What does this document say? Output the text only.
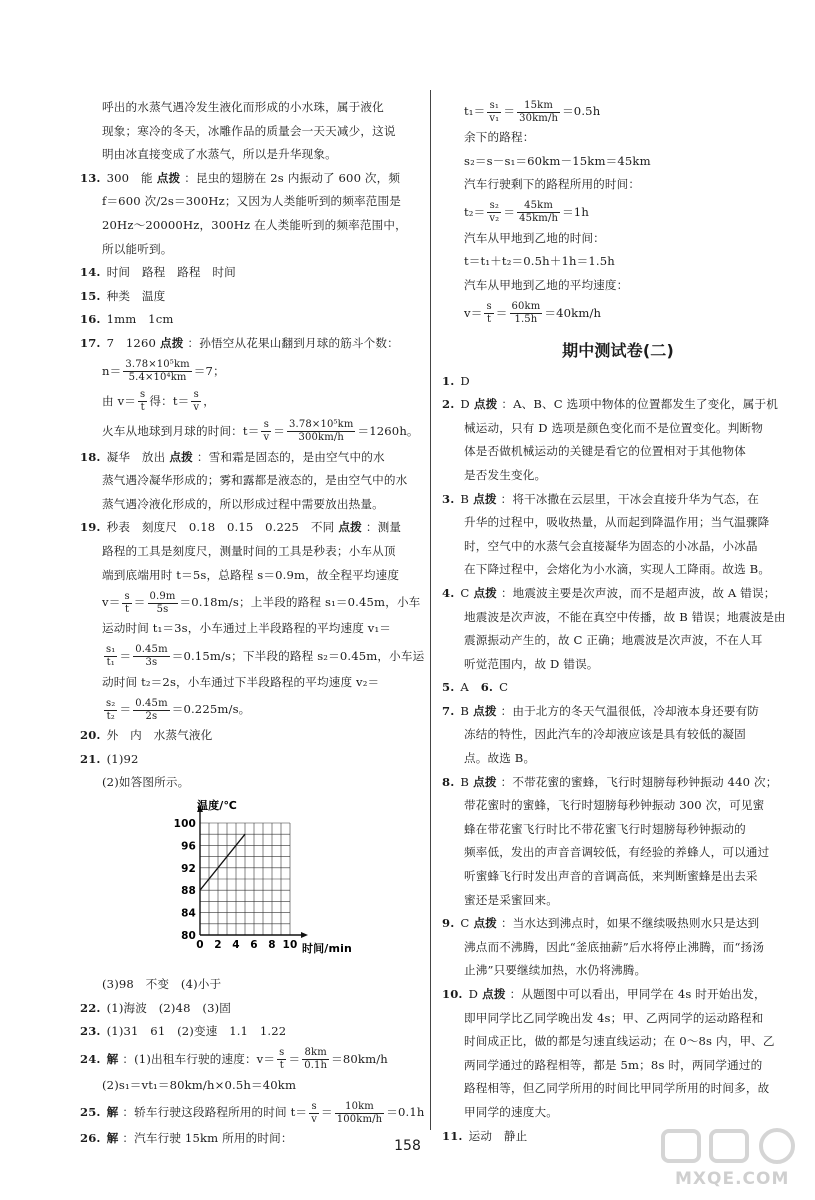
呼出的水蒸气遇冷发生液化而形成的小水珠，属于液化
现象；寒冷的冬天，冰雕作品的质量会一天天减少，这说
明由冰直接变成了水蒸气，所以是升华现象。
13. 300　能 点拨 ：昆虫的翅膀在 2s 内振动了 600 次，频
f＝600 次/2s＝300Hz；又因为人类能听到的频率范围是
20Hz～20000Hz，300Hz 在人类能听到的频率范围中，
所以能听到。
14. 时间　路程　路程　时间
15. 种类　温度
16. 1mm　1cm
17. 7　1260 点拨 ：孙悟空从花果山翻到月球的筋斗个数：
$n= \frac{\text{3.78×10⁵km}}{\text{5.4×10⁴km}} =7$；
由 $v= \frac{s}{t}$ 得：$t= \frac{s}{v}$ ，
火车从地球到月球的时间：$t= \frac{s}{v} = \frac{\text{3.78×10⁵km}}{300km/h} =1260h$。
18. 凝华　放出 点拨 ：雪和霜是固态的，是由空气中的水
蒸气遇冷凝华形成的；雾和露都是液态的，是由空气中的水
蒸气遇冷液化形成的，所以形成过程中需要放出热量。
19. 秒表　刻度尺　0.18　0.15　0.225　不同 点拨 ：测量
路程的工具是刻度尺，测量时间的工具是秒表；小车从顶
端到底端用时 t＝5s，总路程 s＝0.9m，故全程平均速度
$v= \frac{s}{t} = \frac{0.9m}{5s} =0.18m/s$；上半段的路程 s₁＝0.45m，小车
运动时间 t₁＝3s，小车通过上半段路程的平均速度 v₁＝
$\frac{\text{s₁}}{\text{t₁}} = \frac{0.45m}{3s} =0.15m/s$；下半段的路程 s₂＝0.45m，小车运
动时间 t₂＝2s，小车通过下半段路程的平均速度 v₂＝
$\frac{\text{s₂}}{\text{t₂}} = \frac{0.45m}{2s} =0.225m/s$。
20. 外　内　水蒸气液化
21. (1)92
(2)如答图所示。
0 2 4 6 8 10
80
84
88
92
96
100
温度/℃
时间/min
(3)98　不变　(4)小于
22. (1)海波　(2)48　(3)固
23. (1)31　61　(2)变速　1.1　1.22
24. 解 ：(1)出租车行驶的速度：$v= \frac{s}{t} = \frac{8km}{0.1h} =80km/h$
(2)s₁＝vt₁＝80km/h×0.5h＝40km
25. 解 ：轿车行驶这段路程所用的时间 $t= \frac{s}{v} = \frac{10km}{100km/h} =0.1h$
26. 解 ：汽车行驶 15km 所用的时间：
$t_1= \frac{\text{s₁}}{\text{v₁}} = \frac{15km}{30km/h} =0.5h$
余下的路程：
s₂＝s－s₁＝60km－15km＝45km
汽车行驶剩下的路程所用的时间：
$t_2= \frac{\text{s₂}}{\text{v₂}} = \frac{45km}{45km/h} =1h$
汽车从甲地到乙地的时间：
t＝t₁＋t₂＝0.5h＋1h＝1.5h
汽车从甲地到乙地的平均速度：
$v= \frac{s}{t} = \frac{60km}{1.5h} =40km/h$
期中测试卷(二)
1. D
2. D 点拨 ：A、B、C 选项中物体的位置都发生了变化，属于机
械运动，只有 D 选项是颜色变化而不是位置变化。判断物
体是否做机械运动的关键是看它的位置相对于其他物体
是否发生变化。
3. B 点拨 ：将干冰撒在云层里，干冰会直接升华为气态，在
升华的过程中，吸收热量，从而起到降温作用；当气温骤降
时，空气中的水蒸气会直接凝华为固态的小冰晶，小冰晶
在下降过程中，会熔化为小水滴，实现人工降雨。故选 B。
4. C 点拨 ：地震波主要是次声波，而不是超声波，故 A 错误；
地震波是次声波，不能在真空中传播，故 B 错误；地震波是由
震源振动产生的，故 C 正确；地震波是次声波，不在人耳
听觉范围内，故 D 错误。
5. A　 6. C
7. B 点拨 ：由于北方的冬天气温很低，冷却液本身还要有防
冻结的特性，因此汽车的冷却液应该是具有较低的凝固
点。故选 B。
8. B 点拨 ：不带花蜜的蜜蜂，飞行时翅膀每秒钟振动 440 次；
带花蜜时的蜜蜂，飞行时翅膀每秒钟振动 300 次，可见蜜
蜂在带花蜜飞行时比不带花蜜飞行时翅膀每秒钟振动的
频率低，发出的声音音调较低，有经验的养蜂人，可以通过
听蜜蜂飞行时发出声音的音调高低，来判断蜜蜂是出去采
蜜还是采蜜回来。
9. C 点拨 ：当水达到沸点时，如果不继续吸热则水只是达到
沸点而不沸腾，因此“釜底抽薪”后水将停止沸腾，而“扬汤
止沸”只要继续加热，水仍将沸腾。
10. D 点拨 ：从题图中可以看出，甲同学在 4s 时开始出发，
即甲同学比乙同学晚出发 4s；甲、乙两同学的运动路程和
时间成正比，做的都是匀速直线运动；在 0～8s 内，甲、乙
两同学通过的路程相等，都是 5m；8s 时，两同学通过的
路程相等，但乙同学所用的时间比甲同学所用的时间多，故
甲同学的速度大。
11. 运动　静止
158
MXQE.COM
